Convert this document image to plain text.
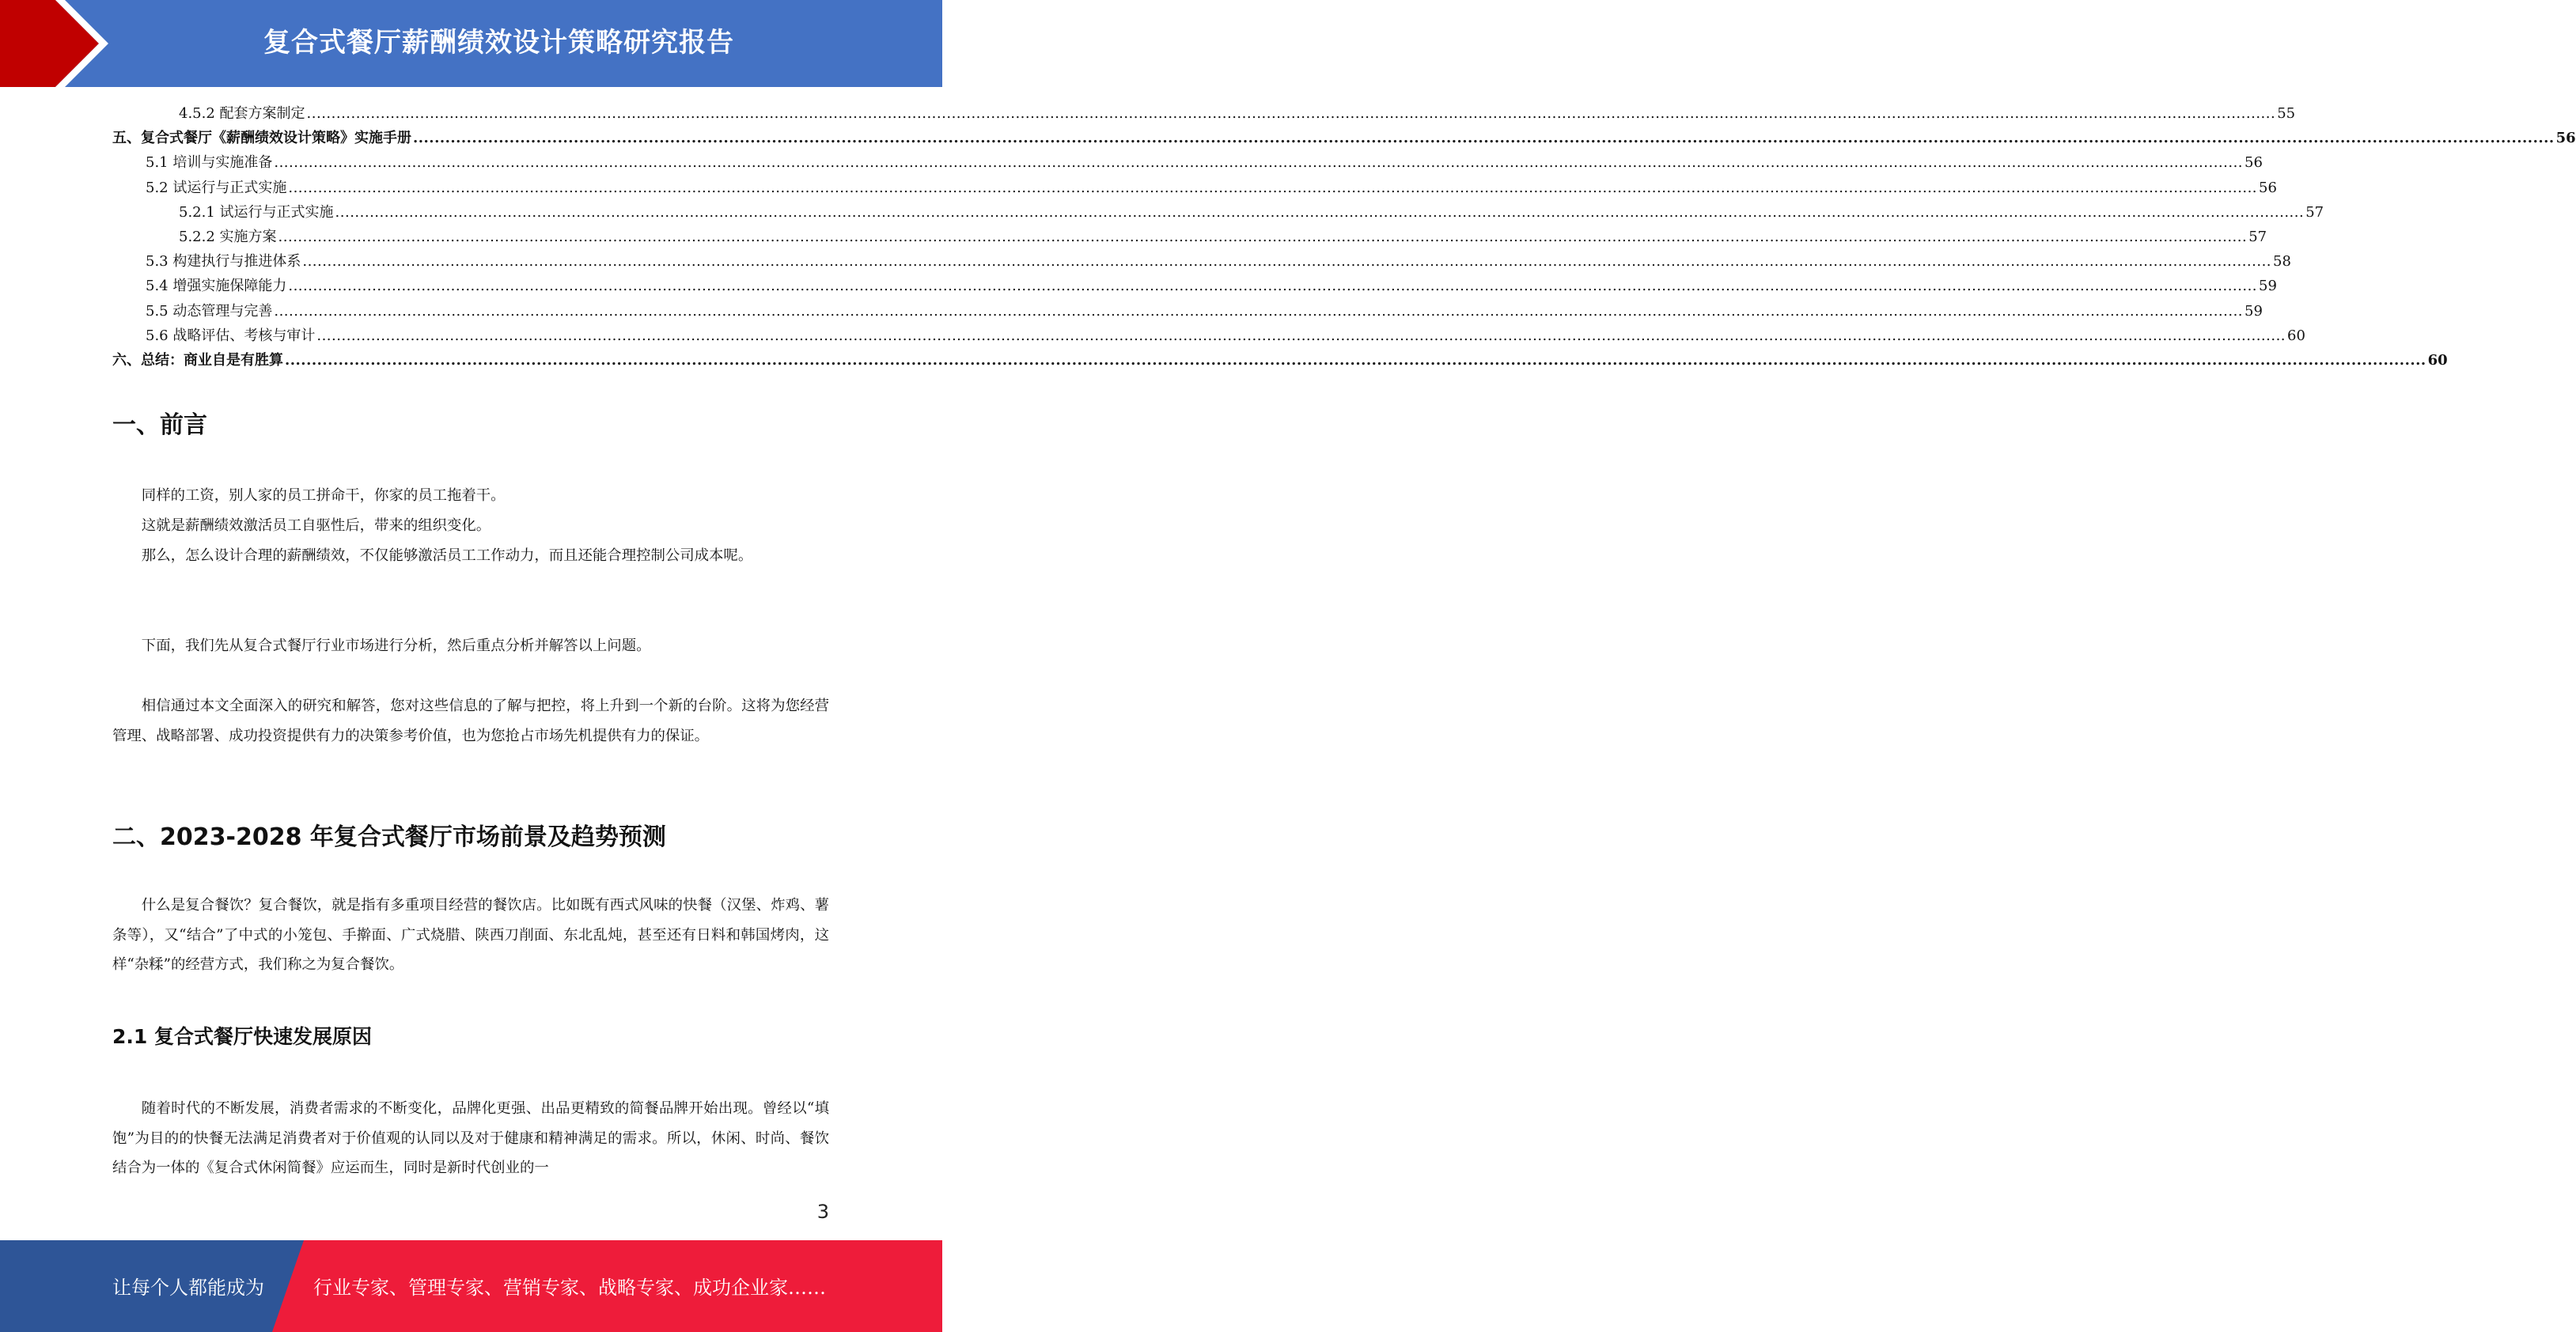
复合式餐厅薪酬绩效设计策略研究报告
4.5.2 配套方案制定 ................................................................................................................................................................................................................................................................................................................................................................................................................ 55
五、复合式餐厅《薪酬绩效设计策略》实施手册 ................................................................................................................................................................................................................................................................................................................................................................................................................ 56
5.1 培训与实施准备 ................................................................................................................................................................................................................................................................................................................................................................................................................ 56
5.2 试运行与正式实施 ................................................................................................................................................................................................................................................................................................................................................................................................................ 56
5.2.1 试运行与正式实施 ................................................................................................................................................................................................................................................................................................................................................................................................................ 57
5.2.2 实施方案 ................................................................................................................................................................................................................................................................................................................................................................................................................ 57
5.3 构建执行与推进体系 ................................................................................................................................................................................................................................................................................................................................................................................................................ 58
5.4 增强实施保障能力 ................................................................................................................................................................................................................................................................................................................................................................................................................ 59
5.5 动态管理与完善 ................................................................................................................................................................................................................................................................................................................................................................................................................ 59
5.6 战略评估、考核与审计 ................................................................................................................................................................................................................................................................................................................................................................................................................ 60
六、总结：商业自是有胜算 ................................................................................................................................................................................................................................................................................................................................................................................................................ 60
一、前言

同样的工资，别人家的员工拼命干，你家的员工拖着干。

这就是薪酬绩效激活员工自驱性后，带来的组织变化。

那么，怎么设计合理的薪酬绩效，不仅能够激活员工工作动力，而且还能合理控制公司成本呢。

下面，我们先从复合式餐厅行业市场进行分析，然后重点分析并解答以上问题。

相信通过本文全面深入的研究和解答，您对这些信息的了解与把控，将上升到一个新的台阶。这将为您经营管理、战略部署、成功投资提供有力的决策参考价值，也为您抢占市场先机提供有力的保证。

二、2023-2028 年复合式餐厅市场前景及趋势预测

什么是复合餐饮？复合餐饮，就是指有多重项目经营的餐饮店。比如既有西式风味的快餐（汉堡、炸鸡、薯条等），又“结合”了中式的小笼包、手擀面、广式烧腊、陕西刀削面、东北乱炖，甚至还有日料和韩国烤肉，这样“杂糅”的经营方式，我们称之为复合餐饮。

2.1 复合式餐厅快速发展原因

随着时代的不断发展，消费者需求的不断变化，品牌化更强、出品更精致的简餐品牌开始出现。曾经以“填饱”为目的的快餐无法满足消费者对于价值观的认同以及对于健康和精神满足的需求。所以，休闲、时尚、餐饮结合为一体的《复合式休闲简餐》应运而生，同时是新时代创业的一

3
让每个人都能成为	行业专家、管理专家、营销专家、战略专家、成功企业家……
